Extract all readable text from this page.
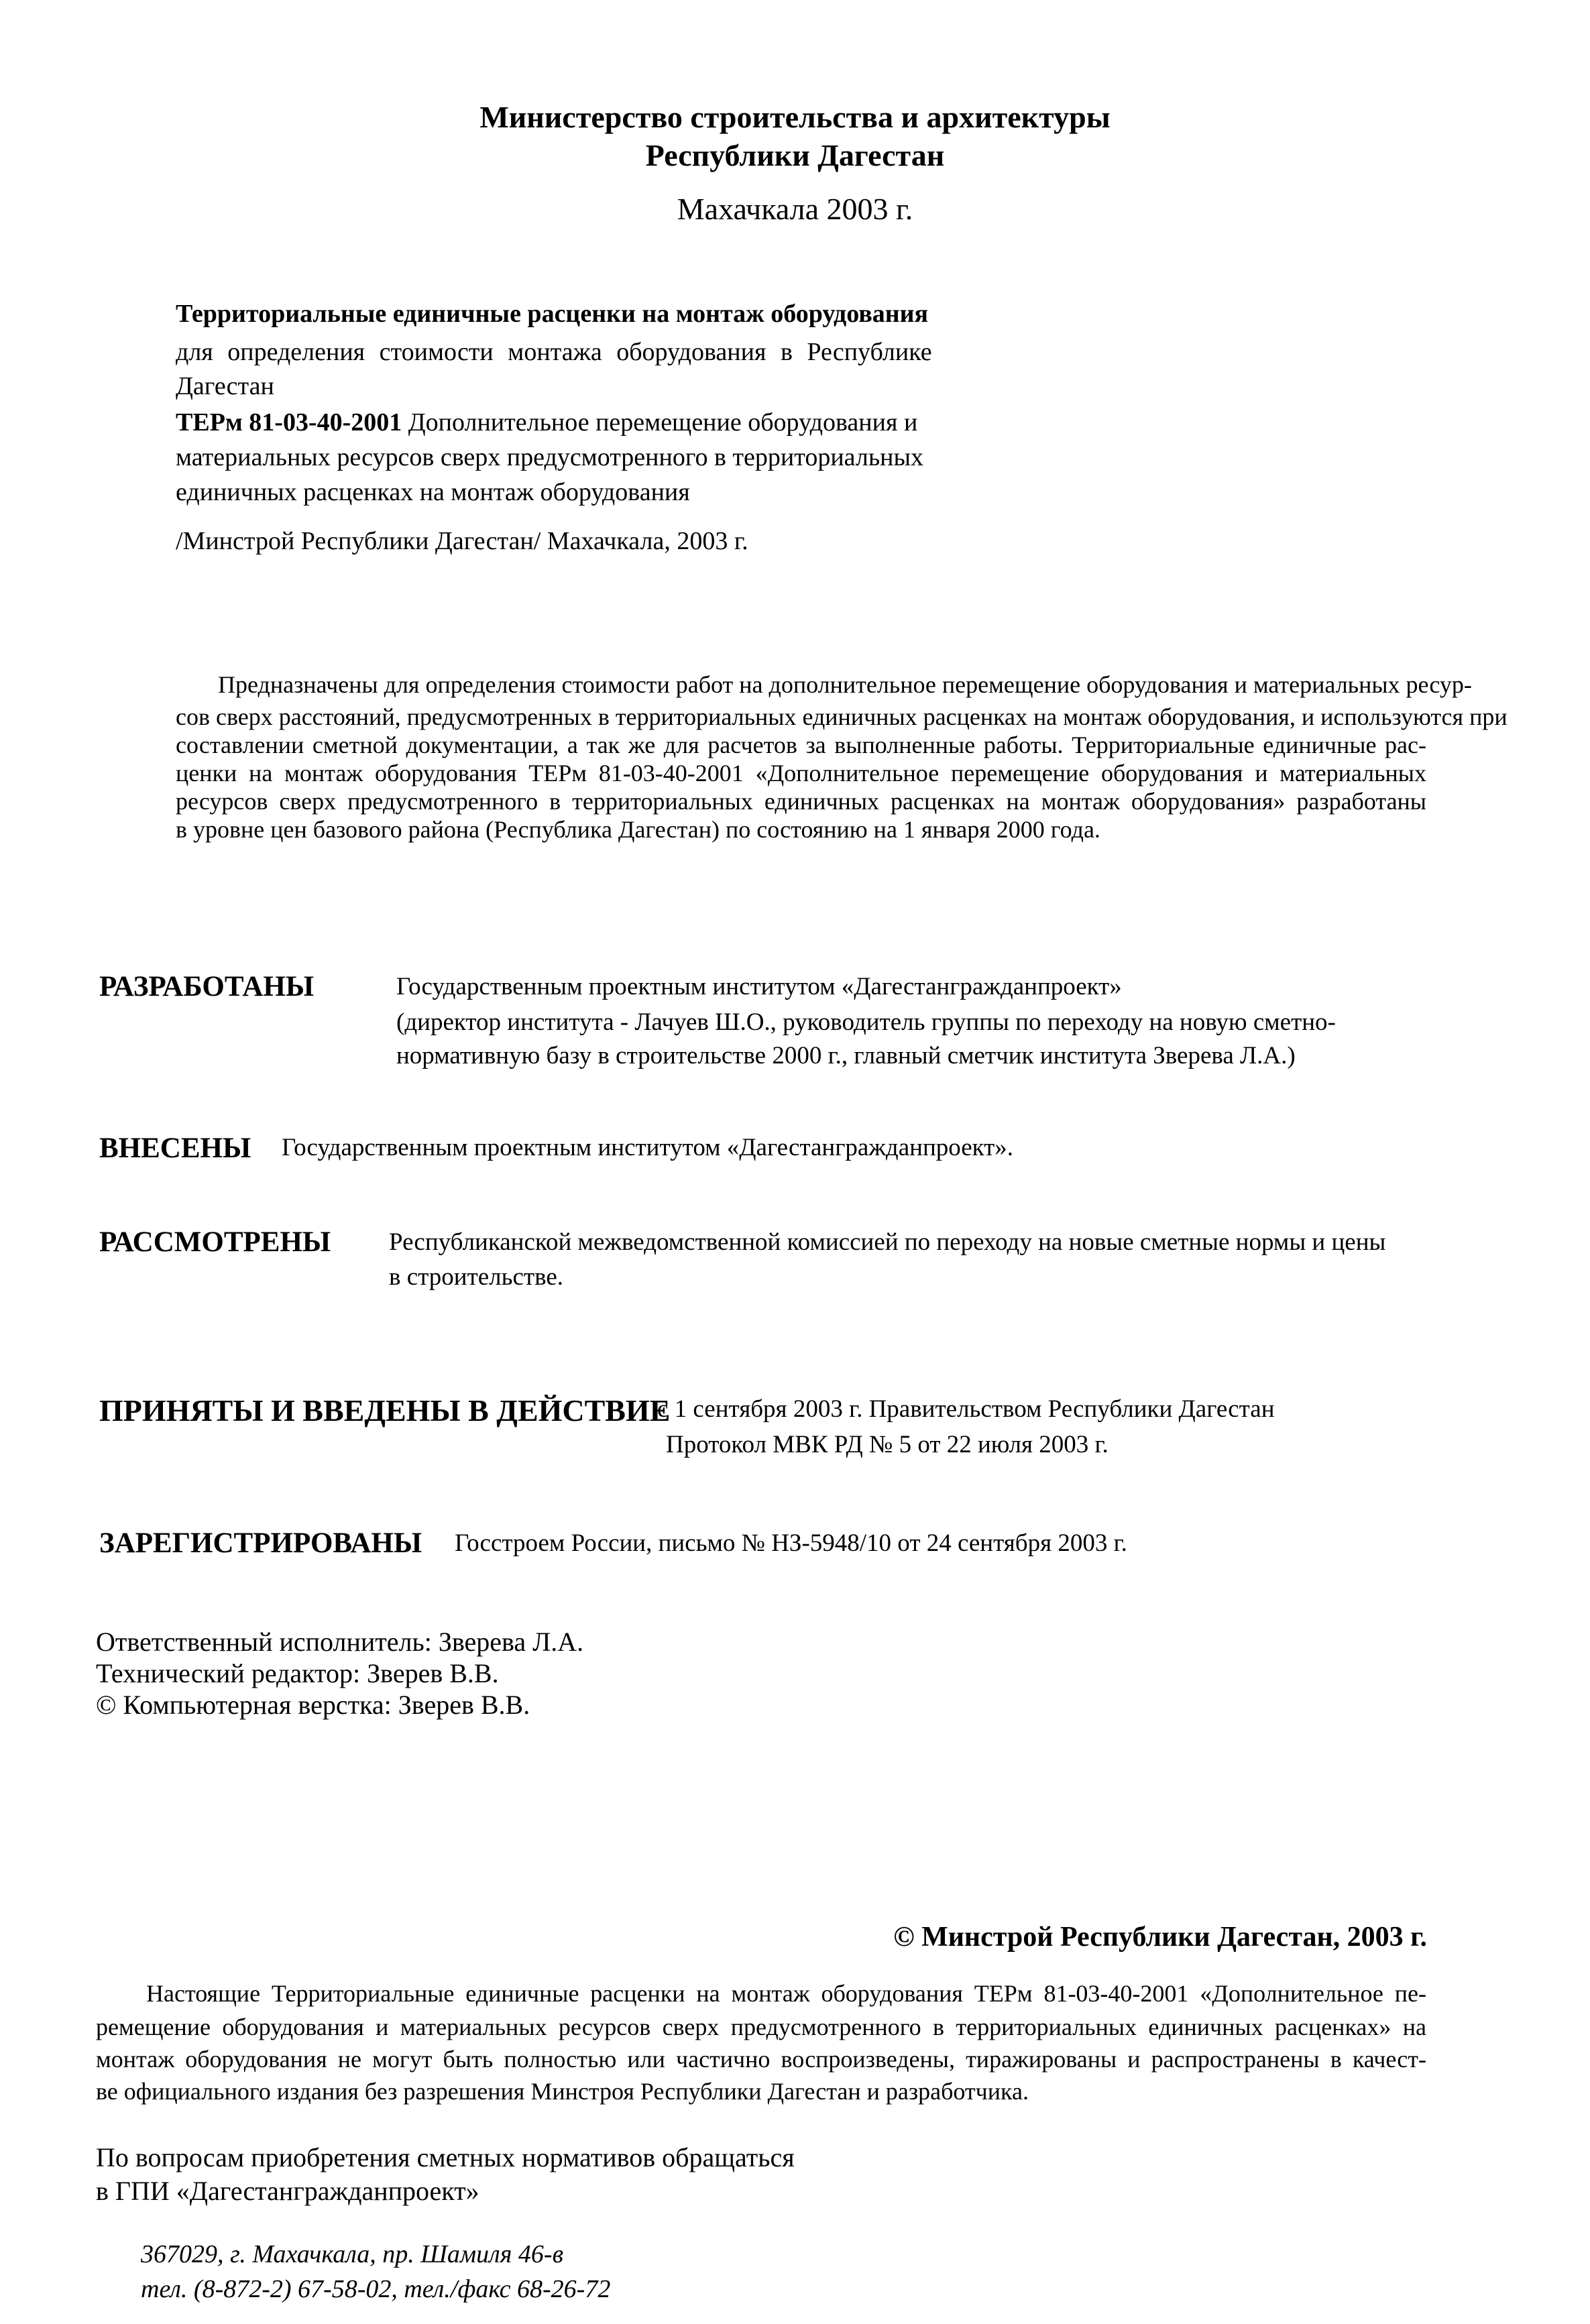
Министерство строительства и архитектуры
Республики Дагестан
Махачкала 2003 г.
Территориальные единичные расценки на монтаж оборудования
для определения стоимости монтажа оборудования в Республике
Дагестан
ТЕРм 81-03-40-2001 Дополнительное перемещение оборудования и
материальных ресурсов сверх предусмотренного в территориальных
единичных расценках на монтаж оборудования
/Минстрой Республики Дагестан/ Махачкала, 2003 г.
Предназначены для определения стоимости работ на дополнительное перемещение оборудования и материальных ресур-
сов сверх расстояний, предусмотренных в территориальных единичных расценках на монтаж оборудования, и используются при
составлении сметной документации, а так же для расчетов за выполненные работы. Территориальные единичные рас-
ценки на монтаж оборудования ТЕРм 81-03-40-2001 «Дополнительное перемещение оборудования и материальных
ресурсов сверх предусмотренного в территориальных единичных расценках на монтаж оборудования» разработаны
в уровне цен базового района (Республика Дагестан) по состоянию на 1 января 2000 года.
РАЗРАБОТАНЫ	Государственным проектным институтом «Дагестангражданпроект»
(директор института - Лачуев Ш.О., руководитель группы по переходу на новую сметно-
нормативную базу в строительстве 2000 г., главный сметчик института Зверева Л.А.)
ВНЕСЕНЫ Государственным проектным институтом «Дагестангражданпроект».
РАССМОТРЕНЫ Республиканской межведомственной комиссией по переходу на новые сметные нормы и цены
в строительстве.
ПРИНЯТЫ И ВВЕДЕНЫ В ДЕЙСТВИЕ
с 1 сентября 2003 г. Правительством Республики Дагестан
Протокол МВК РД № 5 от 22 июля 2003 г.
ЗАРЕГИСТРИРОВАНЫ Госстроем России, письмо № НЗ-5948/10 от 24 сентября 2003 г.
Ответственный исполнитель: Зверева Л.А.
Технический редактор: Зверев В.В.
© Компьютерная верстка: Зверев В.В.
© Минстрой Республики Дагестан, 2003 г.
Настоящие Территориальные единичные расценки на монтаж оборудования ТЕРм 81-03-40-2001 «Дополнительное пе-
ремещение оборудования и материальных ресурсов сверх предусмотренного в территориальных единичных расценках» на
монтаж оборудования не могут быть полностью или частично воспроизведены, тиражированы и распространены в качест-
ве официального издания без разрешения Минстроя Республики Дагестан и разработчика.
По вопросам приобретения сметных нормативов обращаться
в ГПИ «Дагестангражданпроект»
367029, г. Махачкала, пр. Шамиля 46-в
тел. (8-872-2) 67-58-02, тел./факс 68-26-72
